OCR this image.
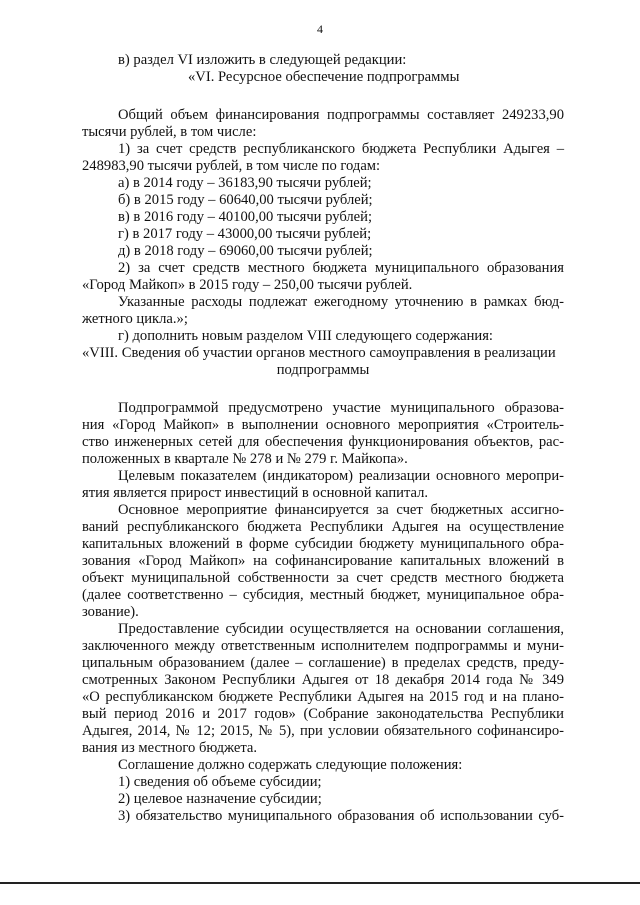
4
в) раздел VI изложить в следующей редакции:
«VI. Ресурсное обеспечение подпрограммы
Общий объем финансирования подпрограммы составляет 249233,90
тысячи рублей, в том числе:
1) за счет средств республиканского бюджета Республики Адыгея –
248983,90 тысячи рублей, в том числе по годам:
а) в 2014 году – 36183,90 тысячи рублей;
б) в 2015 году – 60640,00 тысячи рублей;
в) в 2016 году – 40100,00 тысячи рублей;
г) в 2017 году – 43000,00 тысячи рублей;
д) в 2018 году – 69060,00 тысячи рублей;
2) за счет средств местного бюджета муниципального образования
«Город Майкоп» в 2015 году – 250,00 тысячи рублей.
Указанные расходы подлежат ежегодному уточнению в рамках бюд-
жетного цикла.»;
г) дополнить новым разделом VIII следующего содержания:
«VIII. Сведения об участии органов местного самоуправления в реализации
подпрограммы
Подпрограммой предусмотрено участие муниципального образова-
ния «Город Майкоп» в выполнении основного мероприятия «Строитель-
ство инженерных сетей для обеспечения функционирования объектов, рас-
положенных в квартале № 278 и № 279 г. Майкопа».
Целевым показателем (индикатором) реализации основного меропри-
ятия является прирост инвестиций в основной капитал.
Основное мероприятие финансируется за счет бюджетных ассигно-
ваний республиканского бюджета Республики Адыгея на осуществление
капитальных вложений в форме субсидии бюджету муниципального обра-
зования «Город Майкоп» на софинансирование капитальных вложений в
объект муниципальной собственности за счет средств местного бюджета
(далее соответственно – субсидия, местный бюджет, муниципальное обра-
зование).
Предоставление субсидии осуществляется на основании соглашения,
заключенного между ответственным исполнителем подпрограммы и муни-
ципальным образованием (далее – соглашение) в пределах средств, преду-
смотренных Законом Республики Адыгея от 18 декабря 2014 года № 349
«О республиканском бюджете Республики Адыгея на 2015 год и на плано-
вый период 2016 и 2017 годов» (Собрание законодательства Республики
Адыгея, 2014, № 12; 2015, № 5), при условии обязательного софинансиро-
вания из местного бюджета.
Соглашение должно содержать следующие положения:
1) сведения об объеме субсидии;
2) целевое назначение субсидии;
3) обязательство муниципального образования об использовании суб-
